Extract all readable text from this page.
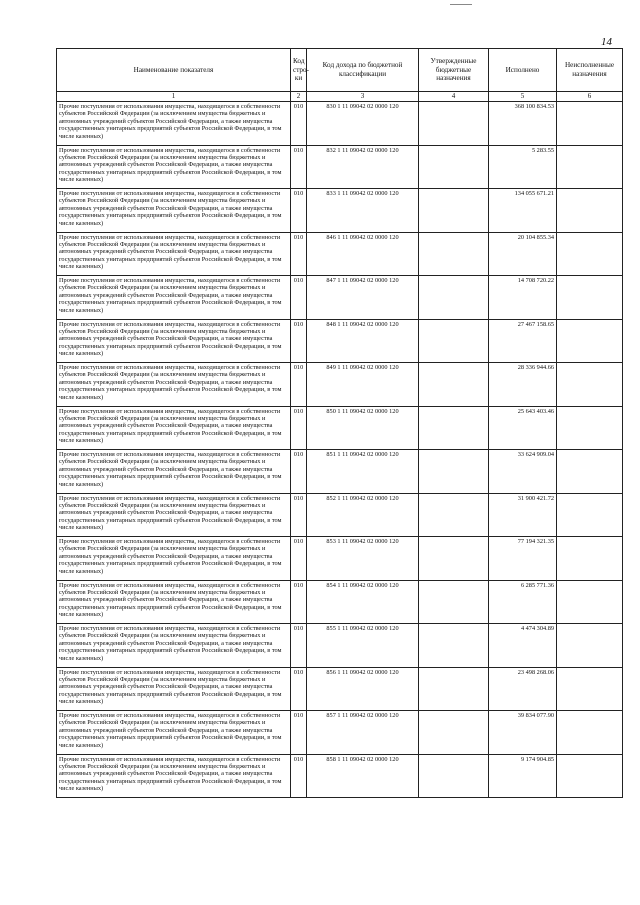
14
Наименование показателя	Код стро-ки	Код дохода по бюджетной классификации	Утвержденные бюджетные назначения	Исполнено	Неисполненные назначения
1	2	3	4	5	6
Прочие поступления от использования имущества, находящегося в собственности субъектов Российской Федерации (за исключением имущества бюджетных и автономных учреждений субъектов Российской Федерации, а также имущества государственных унитарных предприятий субъектов Российской Федерации, в том числе казенных)	010	830 1 11 09042 02 0000 120		368 100 834.53	
Прочие поступления от использования имущества, находящегося в собственности субъектов Российской Федерации (за исключением имущества бюджетных и автономных учреждений субъектов Российской Федерации, а также имущества государственных унитарных предприятий субъектов Российской Федерации, в том числе казенных)	010	832 1 11 09042 02 0000 120		5 283.55	
Прочие поступления от использования имущества, находящегося в собственности субъектов Российской Федерации (за исключением имущества бюджетных и автономных учреждений субъектов Российской Федерации, а также имущества государственных унитарных предприятий субъектов Российской Федерации, в том числе казенных)	010	833 1 11 09042 02 0000 120		134 055 671.21	
Прочие поступления от использования имущества, находящегося в собственности субъектов Российской Федерации (за исключением имущества бюджетных и автономных учреждений субъектов Российской Федерации, а также имущества государственных унитарных предприятий субъектов Российской Федерации, в том числе казенных)	010	846 1 11 09042 02 0000 120		20 104 855.34	
Прочие поступления от использования имущества, находящегося в собственности субъектов Российской Федерации (за исключением имущества бюджетных и автономных учреждений субъектов Российской Федерации, а также имущества государственных унитарных предприятий субъектов Российской Федерации, в том числе казенных)	010	847 1 11 09042 02 0000 120		14 708 720.22	
Прочие поступления от использования имущества, находящегося в собственности субъектов Российской Федерации (за исключением имущества бюджетных и автономных учреждений субъектов Российской Федерации, а также имущества государственных унитарных предприятий субъектов Российской Федерации, в том числе казенных)	010	848 1 11 09042 02 0000 120		27 467 158.65	
Прочие поступления от использования имущества, находящегося в собственности субъектов Российской Федерации (за исключением имущества бюджетных и автономных учреждений субъектов Российской Федерации, а также имущества государственных унитарных предприятий субъектов Российской Федерации, в том числе казенных)	010	849 1 11 09042 02 0000 120		28 336 944.66	
Прочие поступления от использования имущества, находящегося в собственности субъектов Российской Федерации (за исключением имущества бюджетных и автономных учреждений субъектов Российской Федерации, а также имущества государственных унитарных предприятий субъектов Российской Федерации, в том числе казенных)	010	850 1 11 09042 02 0000 120		25 643 403.46	
Прочие поступления от использования имущества, находящегося в собственности субъектов Российской Федерации (за исключением имущества бюджетных и автономных учреждений субъектов Российской Федерации, а также имущества государственных унитарных предприятий субъектов Российской Федерации, в том числе казенных)	010	851 1 11 09042 02 0000 120		33 624 909.04	
Прочие поступления от использования имущества, находящегося в собственности субъектов Российской Федерации (за исключением имущества бюджетных и автономных учреждений субъектов Российской Федерации, а также имущества государственных унитарных предприятий субъектов Российской Федерации, в том числе казенных)	010	852 1 11 09042 02 0000 120		31 900 421.72	
Прочие поступления от использования имущества, находящегося в собственности субъектов Российской Федерации (за исключением имущества бюджетных и автономных учреждений субъектов Российской Федерации, а также имущества государственных унитарных предприятий субъектов Российской Федерации, в том числе казенных)	010	853 1 11 09042 02 0000 120		77 194 321.35	
Прочие поступления от использования имущества, находящегося в собственности субъектов Российской Федерации (за исключением имущества бюджетных и автономных учреждений субъектов Российской Федерации, а также имущества государственных унитарных предприятий субъектов Российской Федерации, в том числе казенных)	010	854 1 11 09042 02 0000 120		6 285 771.36	
Прочие поступления от использования имущества, находящегося в собственности субъектов Российской Федерации (за исключением имущества бюджетных и автономных учреждений субъектов Российской Федерации, а также имущества государственных унитарных предприятий субъектов Российской Федерации, в том числе казенных)	010	855 1 11 09042 02 0000 120		4 474 304.89	
Прочие поступления от использования имущества, находящегося в собственности субъектов Российской Федерации (за исключением имущества бюджетных и автономных учреждений субъектов Российской Федерации, а также имущества государственных унитарных предприятий субъектов Российской Федерации, в том числе казенных)	010	856 1 11 09042 02 0000 120		23 498 268.06	
Прочие поступления от использования имущества, находящегося в собственности субъектов Российской Федерации (за исключением имущества бюджетных и автономных учреждений субъектов Российской Федерации, а также имущества государственных унитарных предприятий субъектов Российской Федерации, в том числе казенных)	010	857 1 11 09042 02 0000 120		39 834 077.90	
Прочие поступления от использования имущества, находящегося в собственности субъектов Российской Федерации (за исключением имущества бюджетных и автономных учреждений субъектов Российской Федерации, а также имущества государственных унитарных предприятий субъектов Российской Федерации, в том числе казенных)	010	858 1 11 09042 02 0000 120		9 174 904.85	
